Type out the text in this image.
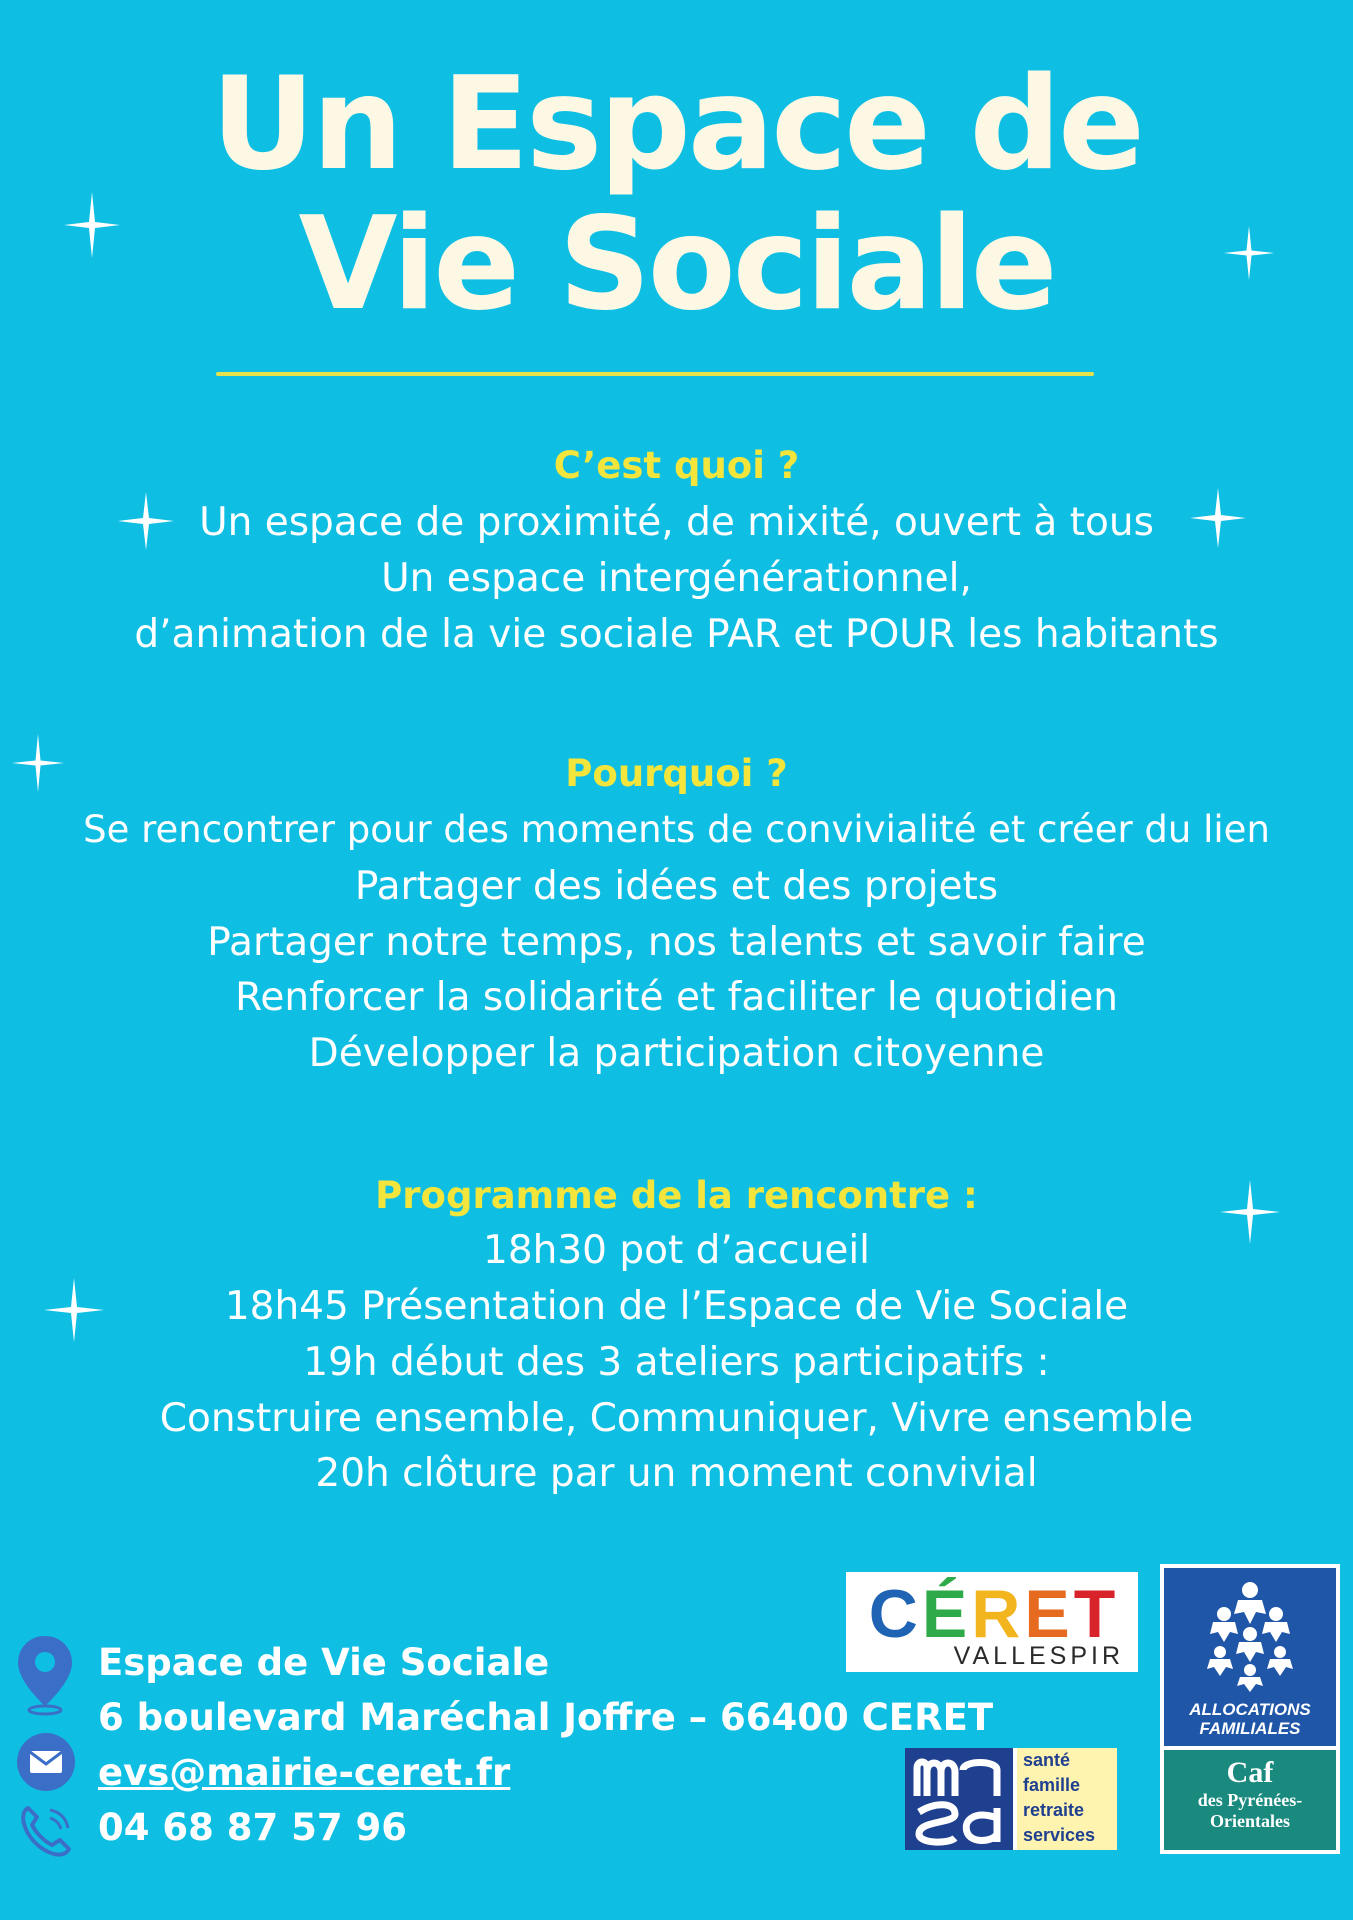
Un Espace de
Vie Sociale
C’est quoi ?
Un espace de proximité, de mixité, ouvert à tous
Un espace intergénérationnel,
d’animation de la vie sociale PAR et POUR les habitants
Pourquoi ?
Se rencontrer pour des moments de convivialité et créer du lien
Partager des idées et des projets
Partager notre temps, nos talents et savoir faire
Renforcer la solidarité et faciliter le quotidien
Développer la participation citoyenne
Programme de la rencontre :
18h30 pot d’accueil
18h45 Présentation de l’Espace de Vie Sociale
19h début des 3 ateliers participatifs :
Construire ensemble, Communiquer, Vivre ensemble
20h clôture par un moment convivial
Espace de Vie Sociale
6 boulevard Maréchal Joffre – 66400 CERET
evs@mairie-ceret.fr
04 68 87 57 96
C É R E T
VALLESPIR
santé
famille
retraite
services
ALLOCATIONS
FAMILIALES
Caf
des Pyrénées-
Orientales
